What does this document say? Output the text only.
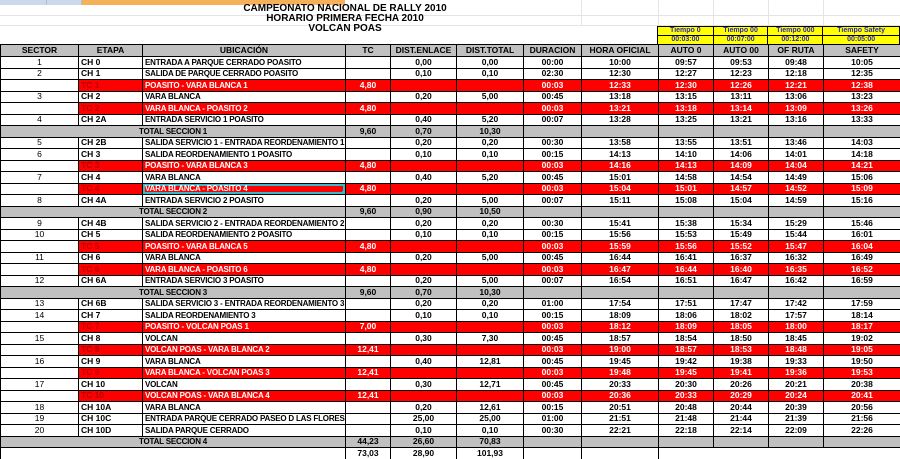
CAMPEONATO NACIONAL DE RALLY 2010
HORARIO PRIMERA FECHA 2010
VOLCAN POAS	Tiempo 0	Tiempo 00	Tiempo 000	Tiempo Safety
00:03:00	00:07:00	00:12:00	00:05:00
SECTOR	ETAPA	UBICACIÓN	TC	DIST.ENLACE	DIST.TOTAL	DURACION	HORA OFICIAL	AUTO 0	AUTO 00	OF RUTA	SAFETY
1	CH 0	ENTRADA A PARQUE CERRADO POASITO		0,00	0,00	00:00	10:00	09:57	09:53	09:48	10:05
2	CH 1	SALIDA DE PARQUE CERRADO POASITO		0,10	0,10	02:30	12:30	12:27	12:23	12:18	12:35
	TC 1	POASITO - VARA BLANCA 1	4,80			00:03	12:33	12:30	12:26	12:21	12:38
3	CH 2	VARA BLANCA		0,20	5,00	00:45	13:18	13:15	13:11	13:06	13:23
	TC 2	VARA BLANCA - POASITO 2	4,80			00:03	13:21	13:18	13:14	13:09	13:26
4	CH 2A	ENTRADA SERVICIO 1 POASITO		0,40	5,20	00:07	13:28	13:25	13:21	13:16	13:33
TOTAL SECCION 1			9,60	0,70	10,30						
5	CH 2B	SALIDA SERVICIO 1 - ENTRADA REORDENAMIENTO 1		0,20	0,20	00:30	13:58	13:55	13:51	13:46	14:03
6	CH 3	SALIDA REORDENAMIENTO 1 POASITO		0,10	0,10	00:15	14:13	14:10	14:06	14:01	14:18
	TC 3	POASITO - VARA BLANCA 3	4,80			00:03	14:16	14:13	14:09	14:04	14:21
7	CH 4	VARA BLANCA		0,40	5,20	00:45	15:01	14:58	14:54	14:49	15:06
	TC 4	VARA BLANCA - POASITO 4	4,80			00:03	15:04	15:01	14:57	14:52	15:09
8	CH 4A	ENTRADA SERVICIO 2 POASITO		0,20	5,00	00:07	15:11	15:08	15:04	14:59	15:16
TOTAL SECCION 2			9,60	0,90	10,50						
9	CH 4B	SALIDA SERVICIO 2 - ENTRADA REORDENAMIENTO 2		0,20	0,20	00:30	15:41	15:38	15:34	15:29	15:46
10	CH 5	SALIDA REORDENAMIENTO 2 POASITO		0,10	0,10	00:15	15:56	15:53	15:49	15:44	16:01
	TC 5	POASITO - VARA BLANCA 5	4,80			00:03	15:59	15:56	15:52	15:47	16:04
11	CH 6	VARA BLANCA		0,20	5,00	00:45	16:44	16:41	16:37	16:32	16:49
	TC 6	VARA BLANCA - POASITO 6	4,80			00:03	16:47	16:44	16:40	16:35	16:52
12	CH 6A	ENTRADA SERVICIO 3 POASITO		0,20	5,00	00:07	16:54	16:51	16:47	16:42	16:59
TOTAL SECCION 3			9,60	0,70	10,30						
13	CH 6B	SALIDA SERVICIO 3 - ENTRADA REORDENAMIENTO 3		0,20	0,20	01:00	17:54	17:51	17:47	17:42	17:59
14	CH 7	SALIDA REORDENAMIENTO 3		0,10	0,10	00:15	18:09	18:06	18:02	17:57	18:14
	TC 7	POASITO - VOLCAN POAS 1	7,00			00:03	18:12	18:09	18:05	18:00	18:17
15	CH 8	VOLCAN		0,30	7,30	00:45	18:57	18:54	18:50	18:45	19:02
	TC 8	VOLCAN POAS - VARA BLANCA 2	12,41			00:03	19:00	18:57	18:53	18:48	19:05
16	CH 9	VARA BLANCA		0,40	12,81	00:45	19:45	19:42	19:38	19:33	19:50
	TC 9	VARA BLANCA - VOLCAN POAS 3	12,41			00:03	19:48	19:45	19:41	19:36	19:53
17	CH 10	VOLCAN		0,30	12,71	00:45	20:33	20:30	20:26	20:21	20:38
	TC 10	VOLCAN POAS - VARA BLANCA 4	12,41			00:03	20:36	20:33	20:29	20:24	20:41
18	CH 10A	VARA BLANCA		0,20	12,61	00:15	20:51	20:48	20:44	20:39	20:56
19	CH 10C	ENTRADA PARQUE CERRADO PASEO D LAS FLORES		25,00	25,00	01:00	21:51	21:48	21:44	21:39	21:56
20	CH 10D	SALIDA PARQUE CERRADO		0,10	0,10	00:30	22:21	22:18	22:14	22:09	22:26
TOTAL SECCION 4			44,23	26,60	70,83						
			73,03	28,90	101,93						
